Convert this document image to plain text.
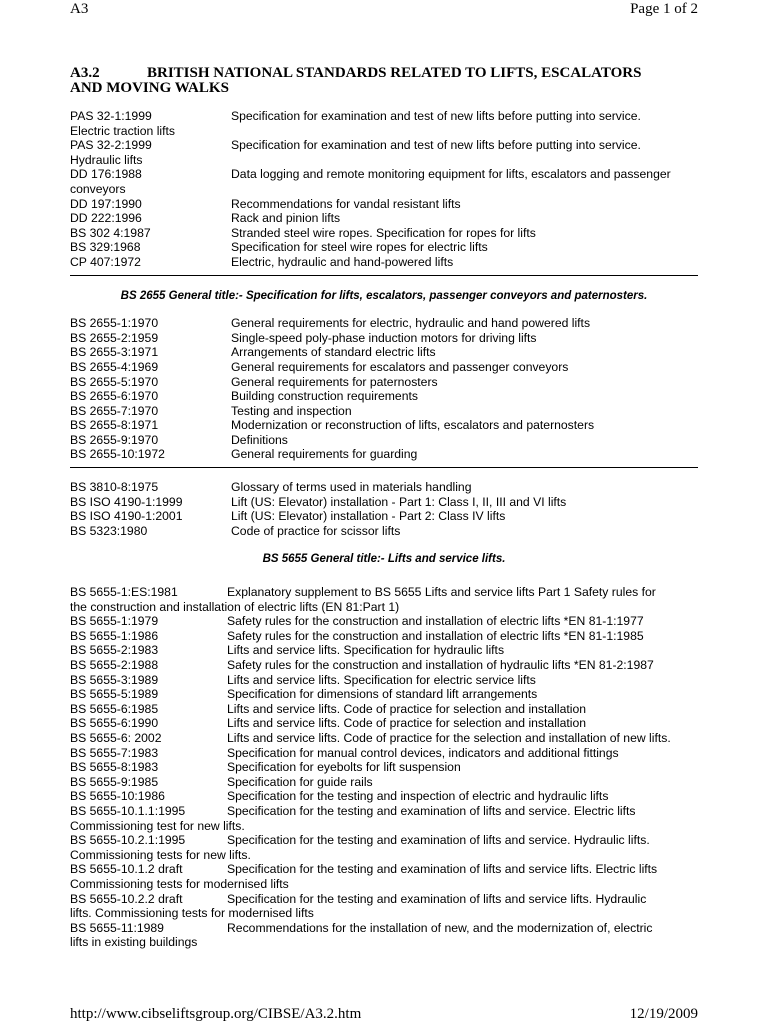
A3	Page 1 of 2
A3.2	BRITISH NATIONAL STANDARDS RELATED TO LIFTS, ESCALATORS
AND MOVING WALKS
PAS 32-1:1999	Specification for examination and test of new lifts before putting into service.
Electric traction lifts
PAS 32-2:1999	Specification for examination and test of new lifts before putting into service.
Hydraulic lifts
DD 176:1988	Data logging and remote monitoring equipment for lifts, escalators and passenger
conveyors
DD 197:1990	Recommendations for vandal resistant lifts
DD 222:1996	Rack and pinion lifts
BS 302 4:1987	Stranded steel wire ropes. Specification for ropes for lifts
BS 329:1968	Specification for steel wire ropes for electric lifts
CP 407:1972	Electric, hydraulic and hand-powered lifts
BS 2655 General title:- Specification for lifts, escalators, passenger conveyors and paternosters.
BS 2655-1:1970	General requirements for electric, hydraulic and hand powered lifts
BS 2655-2:1959	Single-speed poly-phase induction motors for driving lifts
BS 2655-3:1971	Arrangements of standard electric lifts
BS 2655-4:1969	General requirements for escalators and passenger conveyors
BS 2655-5:1970	General requirements for paternosters
BS 2655-6:1970	Building construction requirements
BS 2655-7:1970	Testing and inspection
BS 2655-8:1971	Modernization or reconstruction of lifts, escalators and paternosters
BS 2655-9:1970	Definitions
BS 2655-10:1972	General requirements for guarding
BS 3810-8:1975	Glossary of terms used in materials handling
BS ISO 4190-1:1999	Lift (US: Elevator) installation - Part 1: Class I, II, III and VI lifts
BS ISO 4190-1:2001	Lift (US: Elevator) installation - Part 2: Class IV lifts
BS 5323:1980	Code of practice for scissor lifts
BS 5655 General title:- Lifts and service lifts.
BS 5655-1:ES:1981	Explanatory supplement to BS 5655 Lifts and service lifts Part 1 Safety rules for
the construction and installation of electric lifts (EN 81:Part 1)
BS 5655-1:1979	Safety rules for the construction and installation of electric lifts *EN 81-1:1977
BS 5655-1:1986	Safety rules for the construction and installation of electric lifts *EN 81-1:1985
BS 5655-2:1983	Lifts and service lifts. Specification for hydraulic lifts
BS 5655-2:1988	Safety rules for the construction and installation of hydraulic lifts *EN 81-2:1987
BS 5655-3:1989	Lifts and service lifts. Specification for electric service lifts
BS 5655-5:1989	Specification for dimensions of standard lift arrangements
BS 5655-6:1985	Lifts and service lifts. Code of practice for selection and installation
BS 5655-6:1990	Lifts and service lifts. Code of practice for selection and installation
BS 5655-6: 2002	Lifts and service lifts. Code of practice for the selection and installation of new lifts.
BS 5655-7:1983	Specification for manual control devices, indicators and additional fittings
BS 5655-8:1983	Specification for eyebolts for lift suspension
BS 5655-9:1985	Specification for guide rails
BS 5655-10:1986	Specification for the testing and inspection of electric and hydraulic lifts
BS 5655-10.1.1:1995	Specification for the testing and examination of lifts and service. Electric lifts
Commissioning test for new lifts.
BS 5655-10.2.1:1995	Specification for the testing and examination of lifts and service. Hydraulic lifts.
Commissioning tests for new lifts.
BS 5655-10.1.2 draft	Specification for the testing and examination of lifts and service lifts. Electric lifts
Commissioning tests for modernised lifts
BS 5655-10.2.2 draft	Specification for the testing and examination of lifts and service lifts. Hydraulic
lifts. Commissioning tests for modernised lifts
BS 5655-11:1989	Recommendations for the installation of new, and the modernization of, electric
lifts in existing buildings
http://www.cibseliftsgroup.org/CIBSE/A3.2.htm	12/19/2009
